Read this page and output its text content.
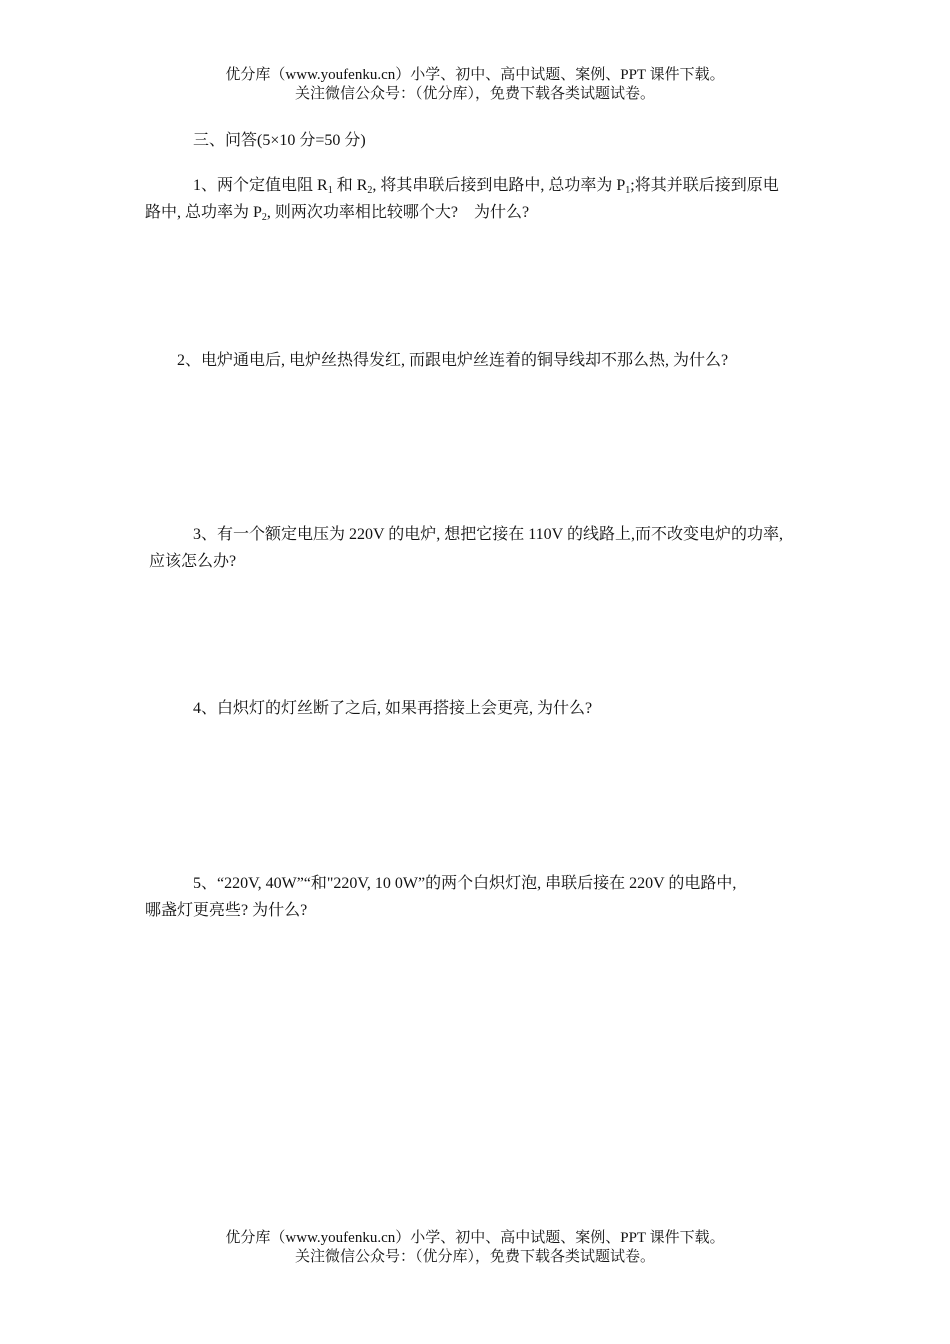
优分库（www.youfenku.cn）小学、初中、高中试题、案例、PPT 课件下载。
关注微信公众号：（优分库），免费下载各类试题试卷。
三、问答(5×10 分=50 分)
1、两个定值电阻 $R_1$ 和 $R_2$, 将其串联后接到电路中, 总功率为 $P_1$;将其并联后接到原电
路中, 总功率为 $P_2$, 则两次功率相比较哪个大?　为什么?
2、电炉通电后, 电炉丝热得发红, 而跟电炉丝连着的铜导线却不那么热, 为什么?
3、有一个额定电压为 220V 的电炉, 想把它接在 110V 的线路上,而不改变电炉的功率,
应该怎么办?
4、白炽灯的灯丝断了之后, 如果再搭接上会更亮, 为什么?
5、“220V, 40W”“和"220V, 10 0W”的两个白炽灯泡, 串联后接在 220V 的电路中,
哪盏灯更亮些? 为什么?
优分库（www.youfenku.cn）小学、初中、高中试题、案例、PPT 课件下载。
关注微信公众号：（优分库），免费下载各类试题试卷。
